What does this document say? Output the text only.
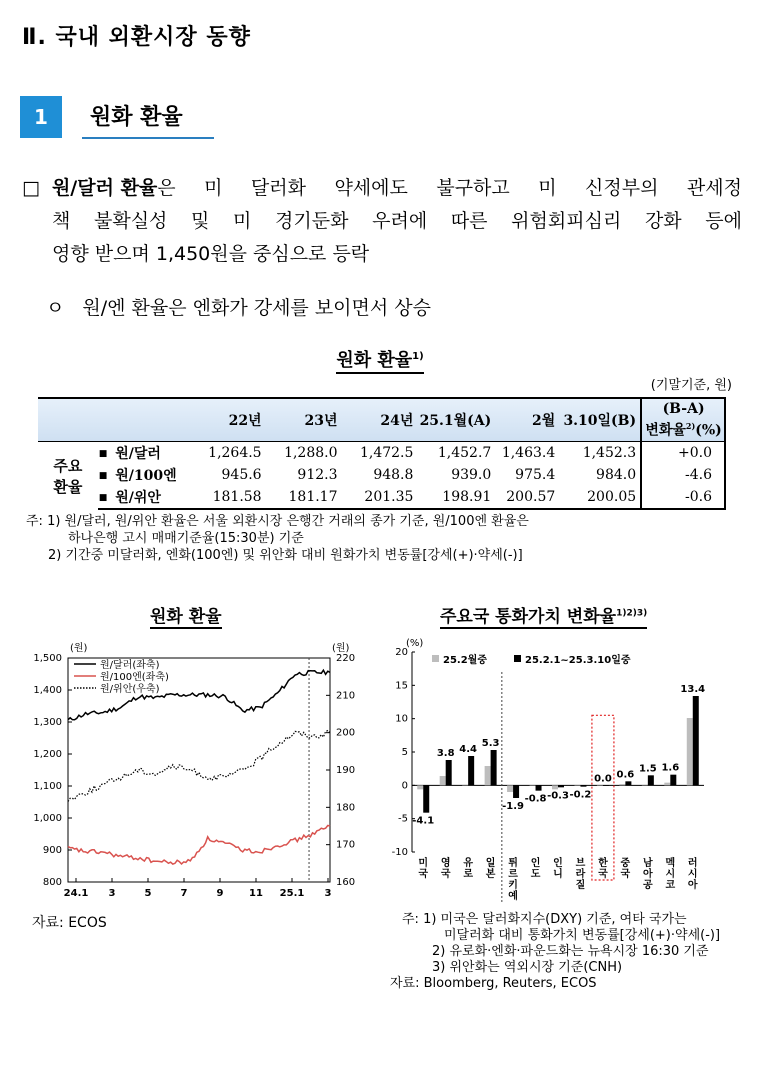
Ⅱ. 국내 외환시장 동향
1	원화 환율
□ 원/달러 환율 은 미 달러화 약세에도 불구하고 미 신정부의 관세정
책 불확실성 및 미 경기둔화 우려에 따른 위험회피심리 강화 등에
영향 받으며 1,450원을 중심으로 등락
ㅇ 원/엔 환율은 엔화가 강세를 보이면서 상승
원화 환율$^{1)}$
(기말기준, 원)
		22년	23년	24년	25.1월(A)	2월	3.10일(B)	(B-A)
변화율$^{2)}$(%)

주요
환율	■ 원/달러	1,264.5	1,288.0	1,472.5	1,452.7	1,463.4	1,452.3	+0.0
	■ 원/100엔	945.6	912.3	948.8	939.0	975.4	984.0	-4.6
	■ 원/위안	181.58	181.17	201.35	198.91	200.57	200.05	-0.6
주: 1) 원/달러, 원/위안 환율은 서울 외환시장 은행간 거래의 종가 기준, 원/100엔 환율은
하나은행 고시 매매기준율(15:30분) 기준
2) 기간중 미달러화, 엔화(100엔) 및 위안화 대비 원화가치 변동률[강세(+)·약세(-)]
원화 환율	주요국 통화가치 변화율$^{1)2)3)}$
(원)	(원)
800
900
1,000
1,100
1,200
1,300
1,400
1,500
160
170
180
190
200
210
220
24.1 3	5	7	9	11 25.1 3
원/달러(좌축)
원/100엔(좌축)
원/위안(우축)
(%)
-10
-5
0
5
10
15
20
-4.1
미
국
3.8
영
국
4.4
유
로
5.3
일
본
-1.9
튀
르
키
예
-0.8
인
도
-0.3
인
니
-0.2
브
라
질
0.0
한
국
0.6
중
국
1.5
남
아
공
1.6
멕
시
코
13.4
러
시
아
25.2월중	25.2.1~25.3.10일중
자료: ECOS	주: 1) 미국은 달러화지수(DXY) 기준, 여타 국가는
미달러화 대비 통화가치 변동률[강세(+)·약세(-)]
2) 유로화·엔화·파운드화는 뉴욕시장 16:30 기준
3) 위안화는 역외시장 기준(CNH)
자료: Bloomberg, Reuters, ECOS
